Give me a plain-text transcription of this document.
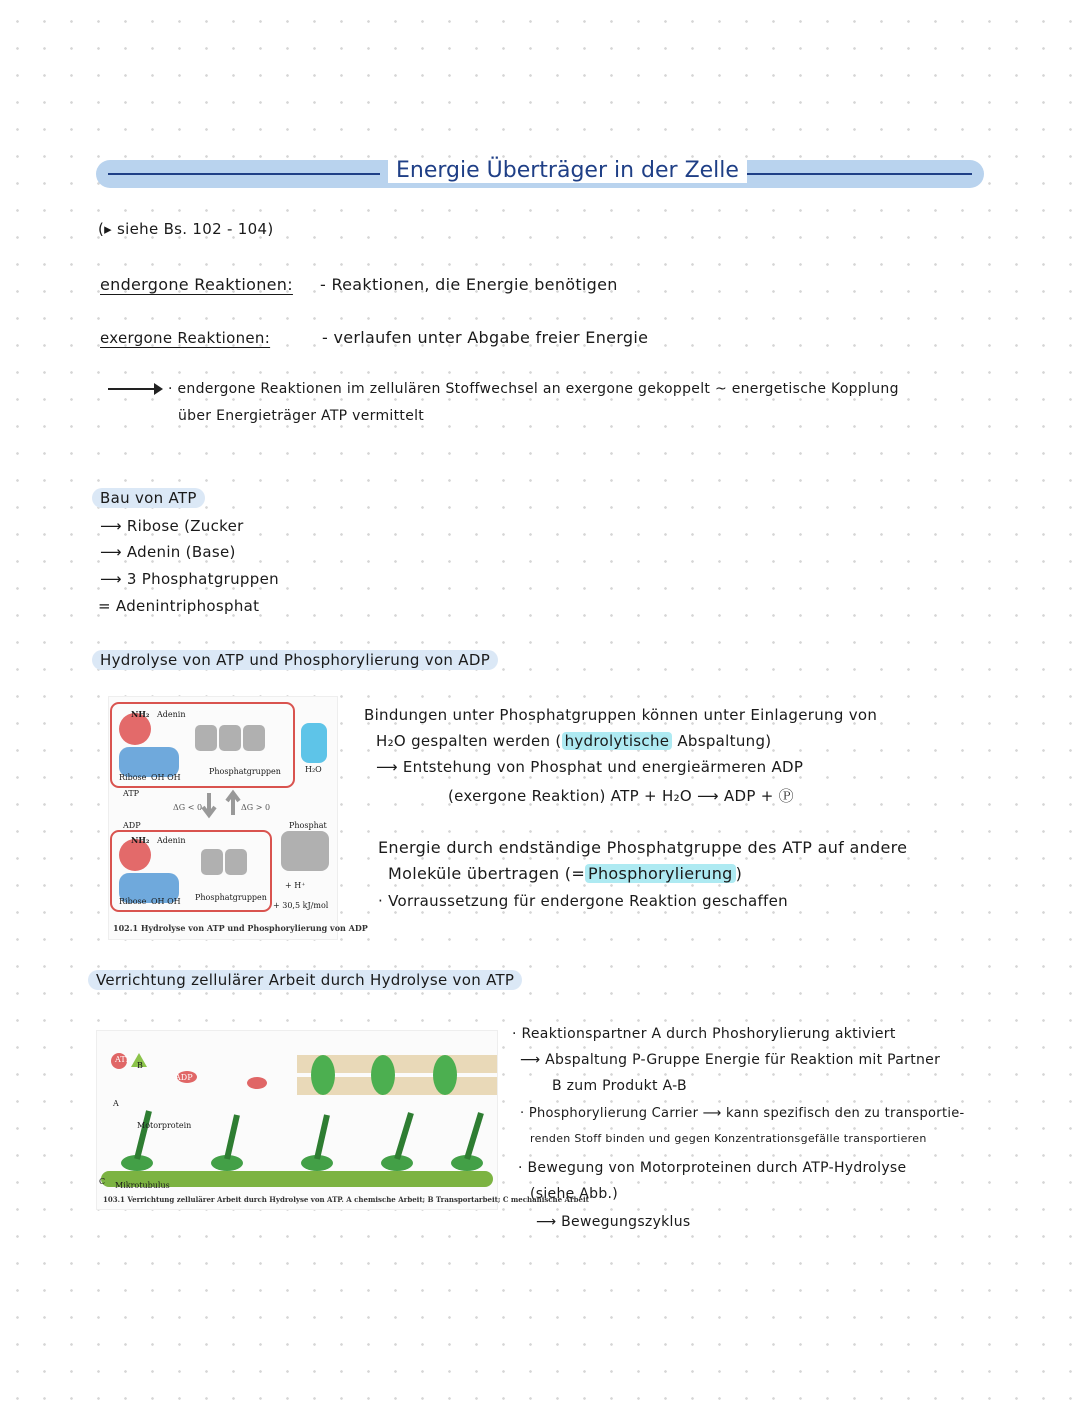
Energie Überträger in der Zelle
(▸ siehe Bs. 102 - 104)
endergone Reaktionen: - Reaktionen, die Energie benötigen
exergone Reaktionen:	- verlaufen unter Abgabe freier Energie
· endergone Reaktionen im zellulären Stoffwechsel an exergone gekoppelt ~ energetische Kopplung
über Energieträger ATP vermittelt
Bau von ATP
⟶ Ribose (Zucker
⟶ Adenin (Base)
⟶ 3 Phosphatgruppen
= Adenintriphosphat
Hydrolyse von ATP und Phosphorylierung von ADP
NH₂ Adenin
Ribose OH OH
ATP
Phosphatgruppen	H₂O
ΔG < 0	ΔG > 0
ADP	Phosphat
NH₂ Adenin
Ribose OH OH Phosphatgruppen
+ H⁺
+ 30,5 kJ/mol
102.1 Hydrolyse von ATP und Phosphorylierung von ADP
Bindungen unter Phosphatgruppen können unter Einlagerung von
H₂O gespalten werden ( hydrolytische Abspaltung)
⟶ Entstehung von Phosphat und energieärmeren ADP
(exergone Reaktion) ATP + H₂O ⟶ ADP + Ⓟ
Energie durch endständige Phosphatgruppe des ATP auf andere
Moleküle übertragen (= Phosphorylierung )
· Vorraussetzung für endergone Reaktion geschaffen
Verrichtung zellulärer Arbeit durch Hydrolyse von ATP
ATP
ADP
B
A
Motorprotein
C Mikrotubulus
103.1 Verrichtung zellulärer Arbeit durch Hydrolyse von ATP. A chemische Arbeit; B Transportarbeit; C mechanische Arbeit
· Reaktionspartner A durch Phoshorylierung aktiviert
⟶ Abspaltung P-Gruppe Energie für Reaktion mit Partner
B zum Produkt A-B
· Phosphorylierung Carrier ⟶ kann spezifisch den zu transportie-
renden Stoff binden und gegen Konzentrationsgefälle transportieren
· Bewegung von Motorproteinen durch ATP-Hydrolyse
(siehe Abb.)
⟶ Bewegungszyklus
